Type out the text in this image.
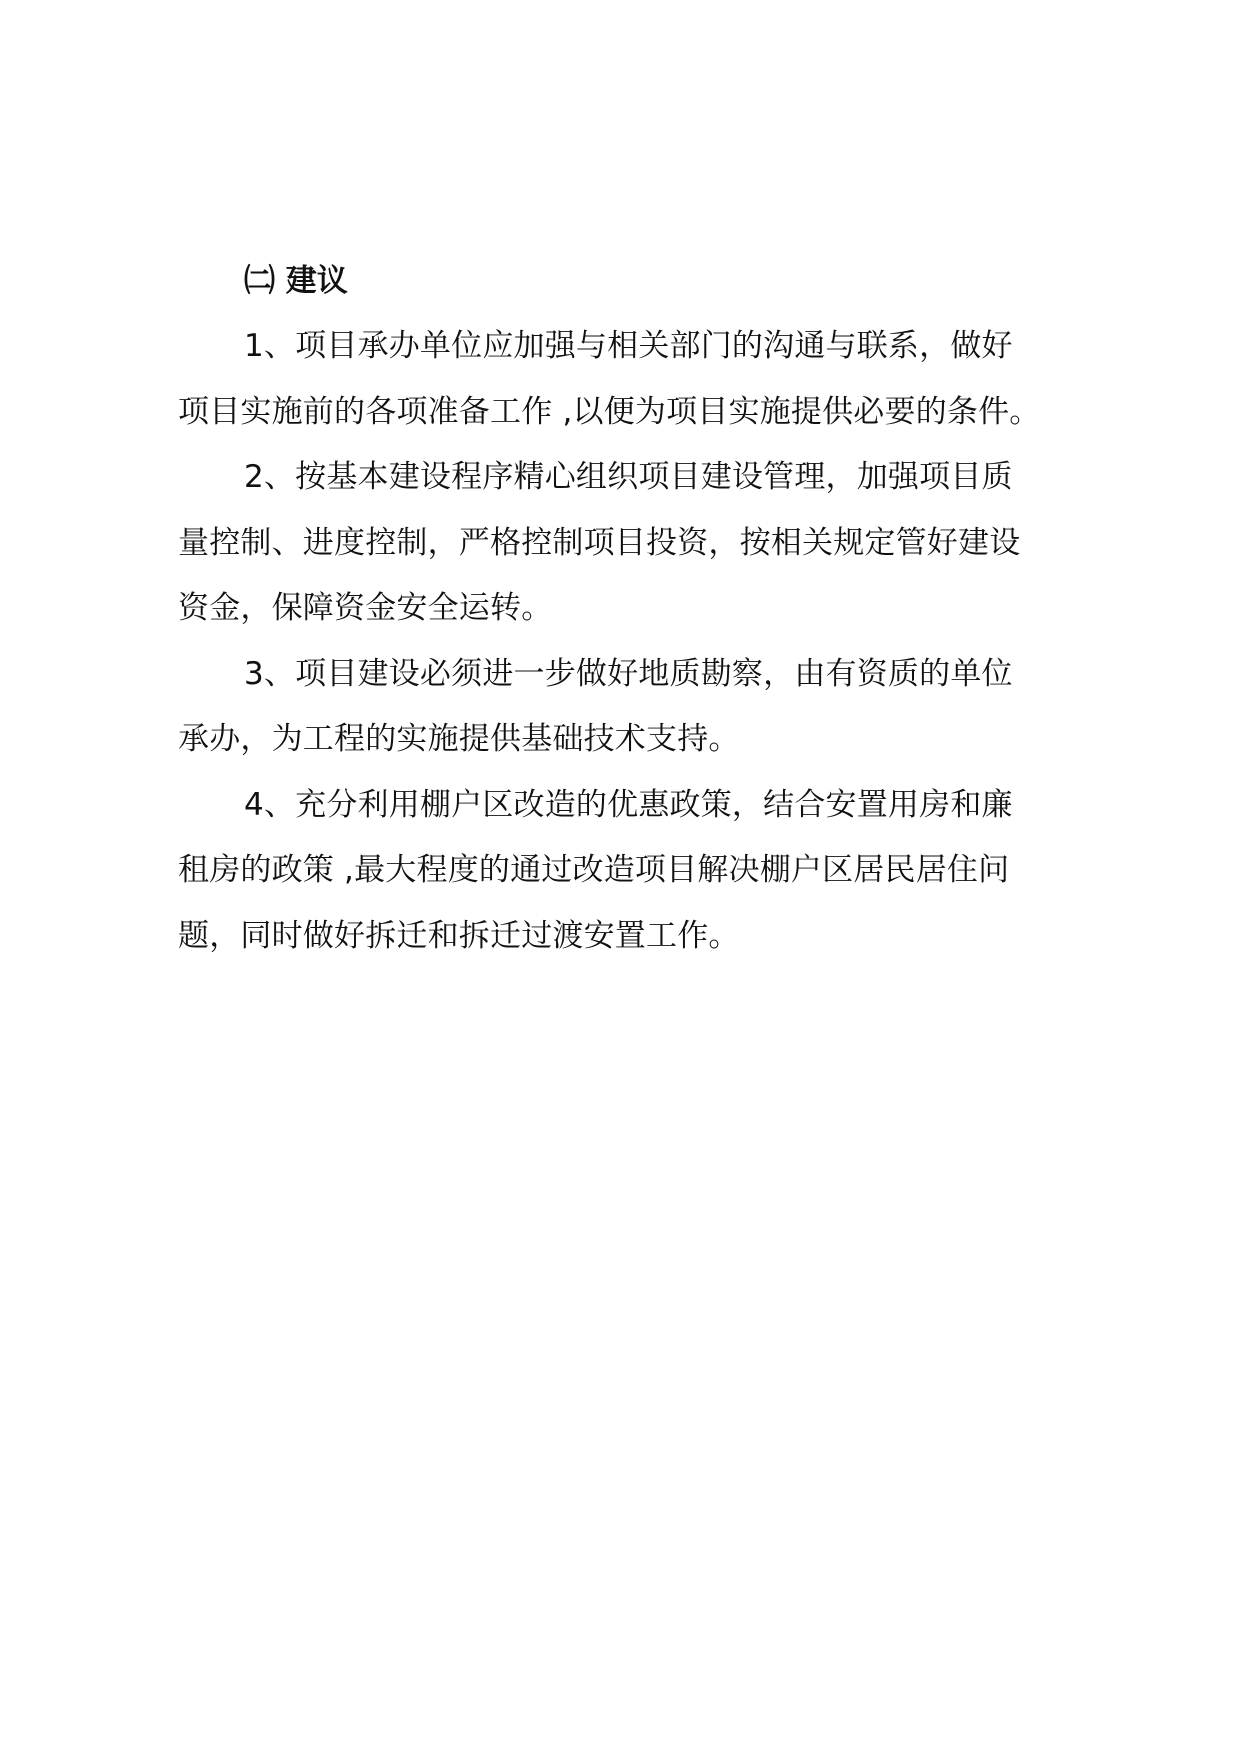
㈡ 建议
1、项目承办单位应加强与相关部门的沟通与联系，做好
项目实施前的各项准备工作 ,以便为项目实施提供必要的条件。
2、按基本建设程序精心组织项目建设管理，加强项目质
量控制、进度控制，严格控制项目投资，按相关规定管好建设
资金，保障资金安全运转。
3、项目建设必须进一步做好地质勘察，由有资质的单位
承办，为工程的实施提供基础技术支持。
4、充分利用棚户区改造的优惠政策，结合安置用房和廉
租房的政策 ,最大程度的通过改造项目解决棚户区居民居住问
题，同时做好拆迁和拆迁过渡安置工作。
